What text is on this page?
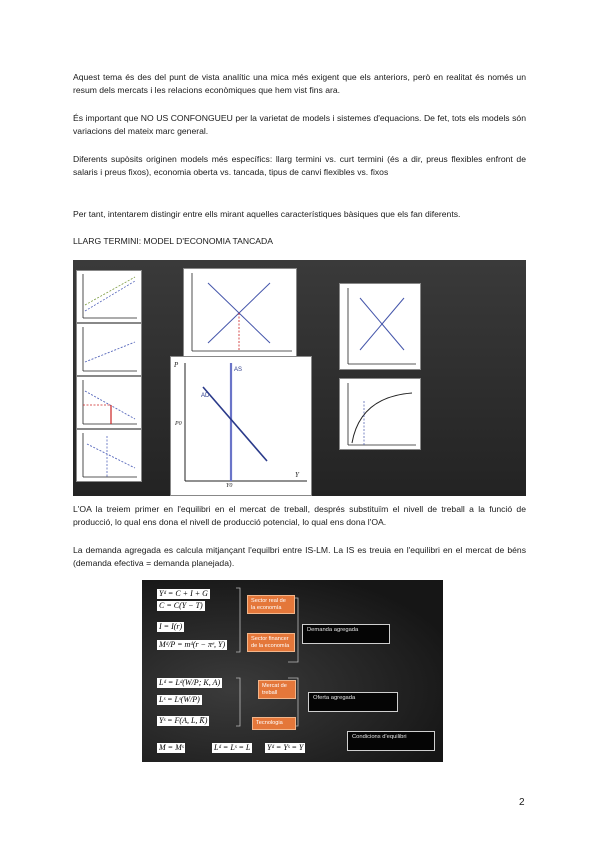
Aquest tema és des del punt de vista analític una mica més exigent que els anteriors, però en realitat és només un resum dels mercats i les relacions econòmiques que hem vist fins ara.

És important que NO US CONFONGUEU per la varietat de models i sistemes d'equacions. De fet, tots els models són variacions del mateix marc general.

Diferents supòsits originen models més específics: llarg termini vs. curt termini (és a dir, preus flexibles enfront de salaris i preus fixos), economia oberta vs. tancada, tipus de canvi flexibles vs. fixos

Per tant, intentarem distingir entre ells mirant aquelles característiques bàsiques que els fan diferents.

LLARG TERMINI: MODEL D'ECONOMIA TANCADA

P
P0
AD
AS
Y0
Y

L'OA la treiem primer en l'equilibri en el mercat de treball, després substituïm el nivell de treball a la funció de producció, lo qual ens dona el nivell de producció potencial, lo qual ens dona l'OA.

La demanda agregada es calcula mitjançant l'equilbri entre IS-LM. La IS es treuia en l'equilibri en el mercat de béns (demanda efectiva = demanda planejada).

Yᵈ = C + I + G
C = C(Y − T)
I = I(r)
Mᵈ/P = mᵈ(r − πᵉ, Y)
Lᵈ = Lᵈ(W/P; K, A)
Lˢ = Lˢ(W/P)
Yˢ = F(A, L, K̄)
M = Mˢ	Lᵈ = Lˢ = L Yᵈ = Yˢ = Y
Sector real de la economía
Sector financer de la economía
Mercat de treball
Tecnologia
Demanda agregada
Oferta agregada
Condicions d'equilibri

2
